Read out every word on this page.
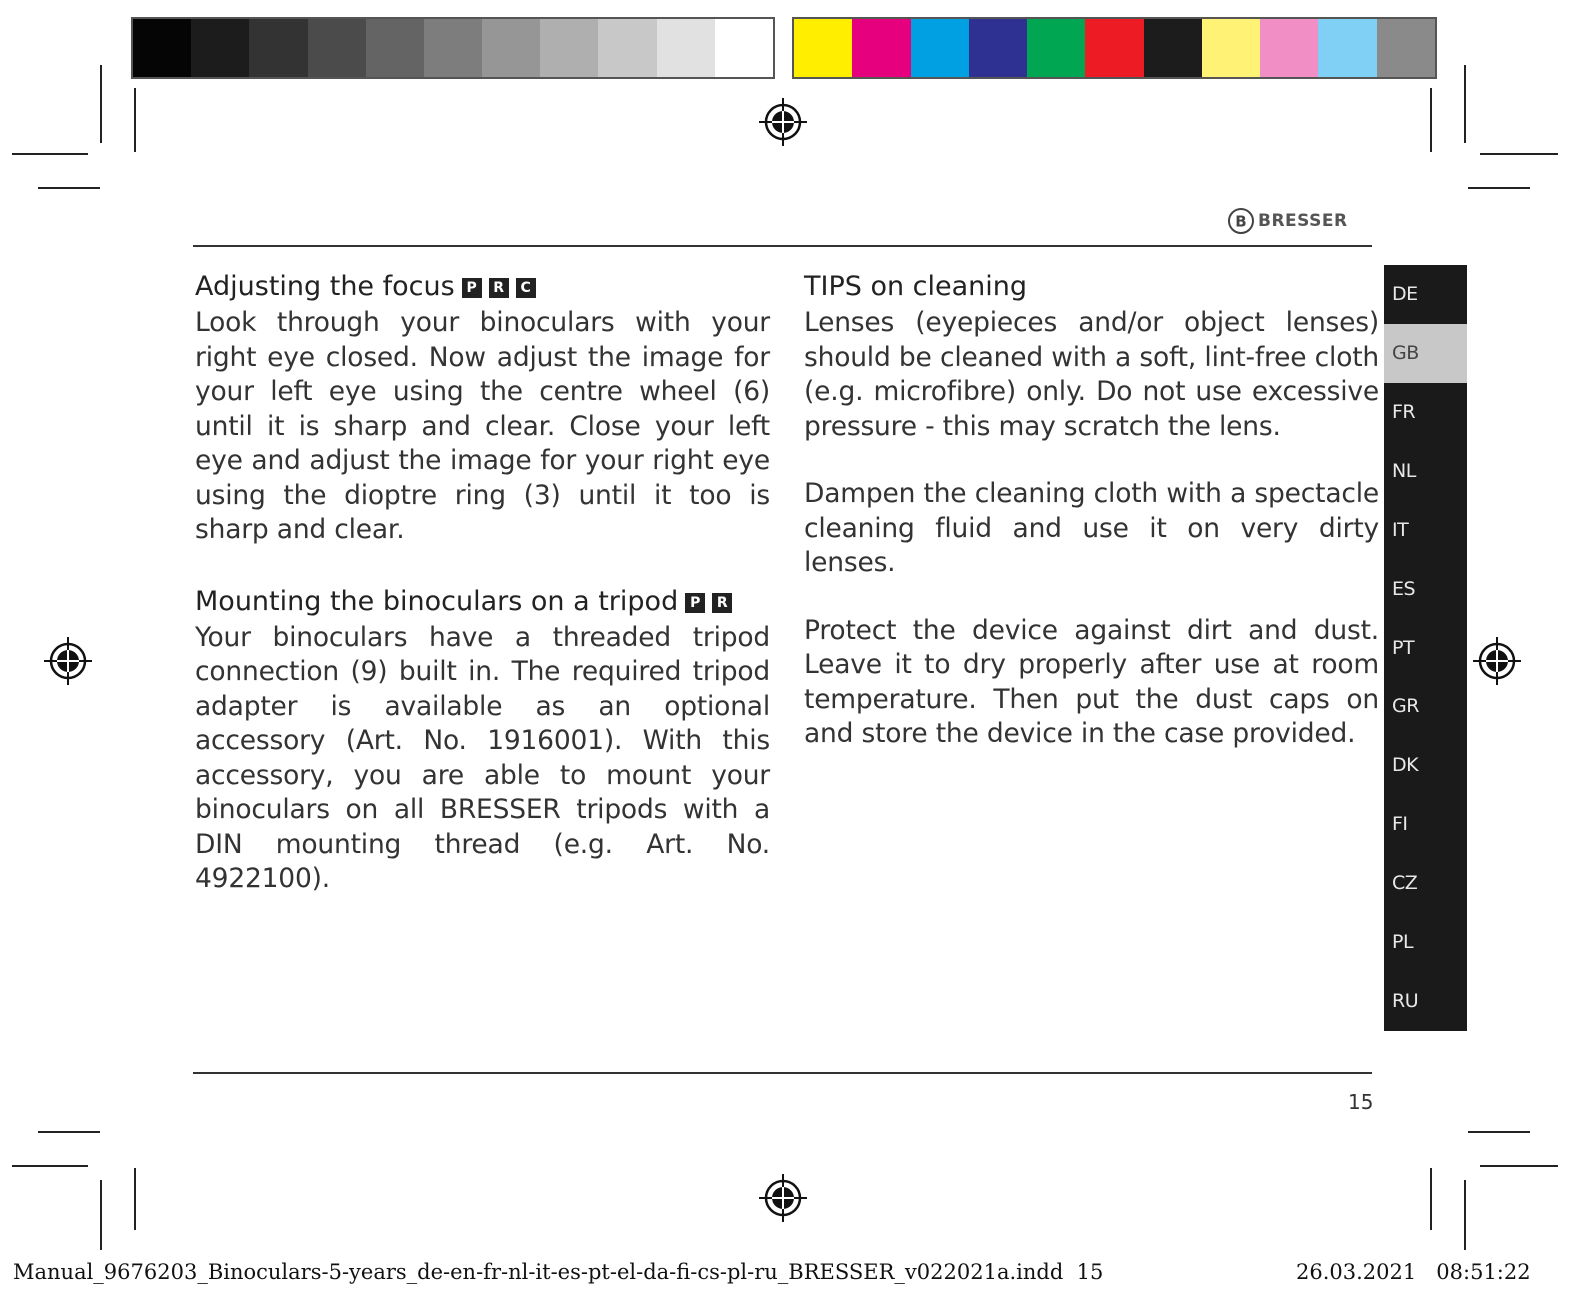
B BRESSER
Adjusting the focus P R C

Look through your binoculars with your right eye closed. Now adjust the image for your left eye using the centre wheel (6) until it is sharp and clear. Close your left eye and adjust the image for your right eye using the dioptre ring (3) until it too is sharp and clear.

Mounting the binoculars on a tripod P R

Your binoculars have a threaded tripod connection (9) built in. The required tripod adapter is available as an optional accessory (Art. No. 1916001). With this accessory, you are able to mount your binoculars on all BRESSER tripods with a DIN mounting thread (e.g. Art. No. 4922100).

TIPS on cleaning

Lenses (eyepieces and/or object lenses) should be cleaned with a soft, lint-free cloth (e.g. microfibre) only. Do not use excessive pressure - this may scratch the lens.

Dampen the cleaning cloth with a spectacle cleaning fluid and use it on very dirty lenses.

Protect the device against dirt and dust. Leave it to dry properly after use at room temperature. Then put the dust caps on and store the device in the case provided.

DE
GB
FR
NL
IT
ES
PT
GR
DK
FI
CZ
PL
RU
15
Manual_9676203_Binoculars-5-years_de-en-fr-nl-it-es-pt-el-da-fi-cs-pl-ru_BRESSER_v022021a.indd 15	26.03.2021 08:51:22
